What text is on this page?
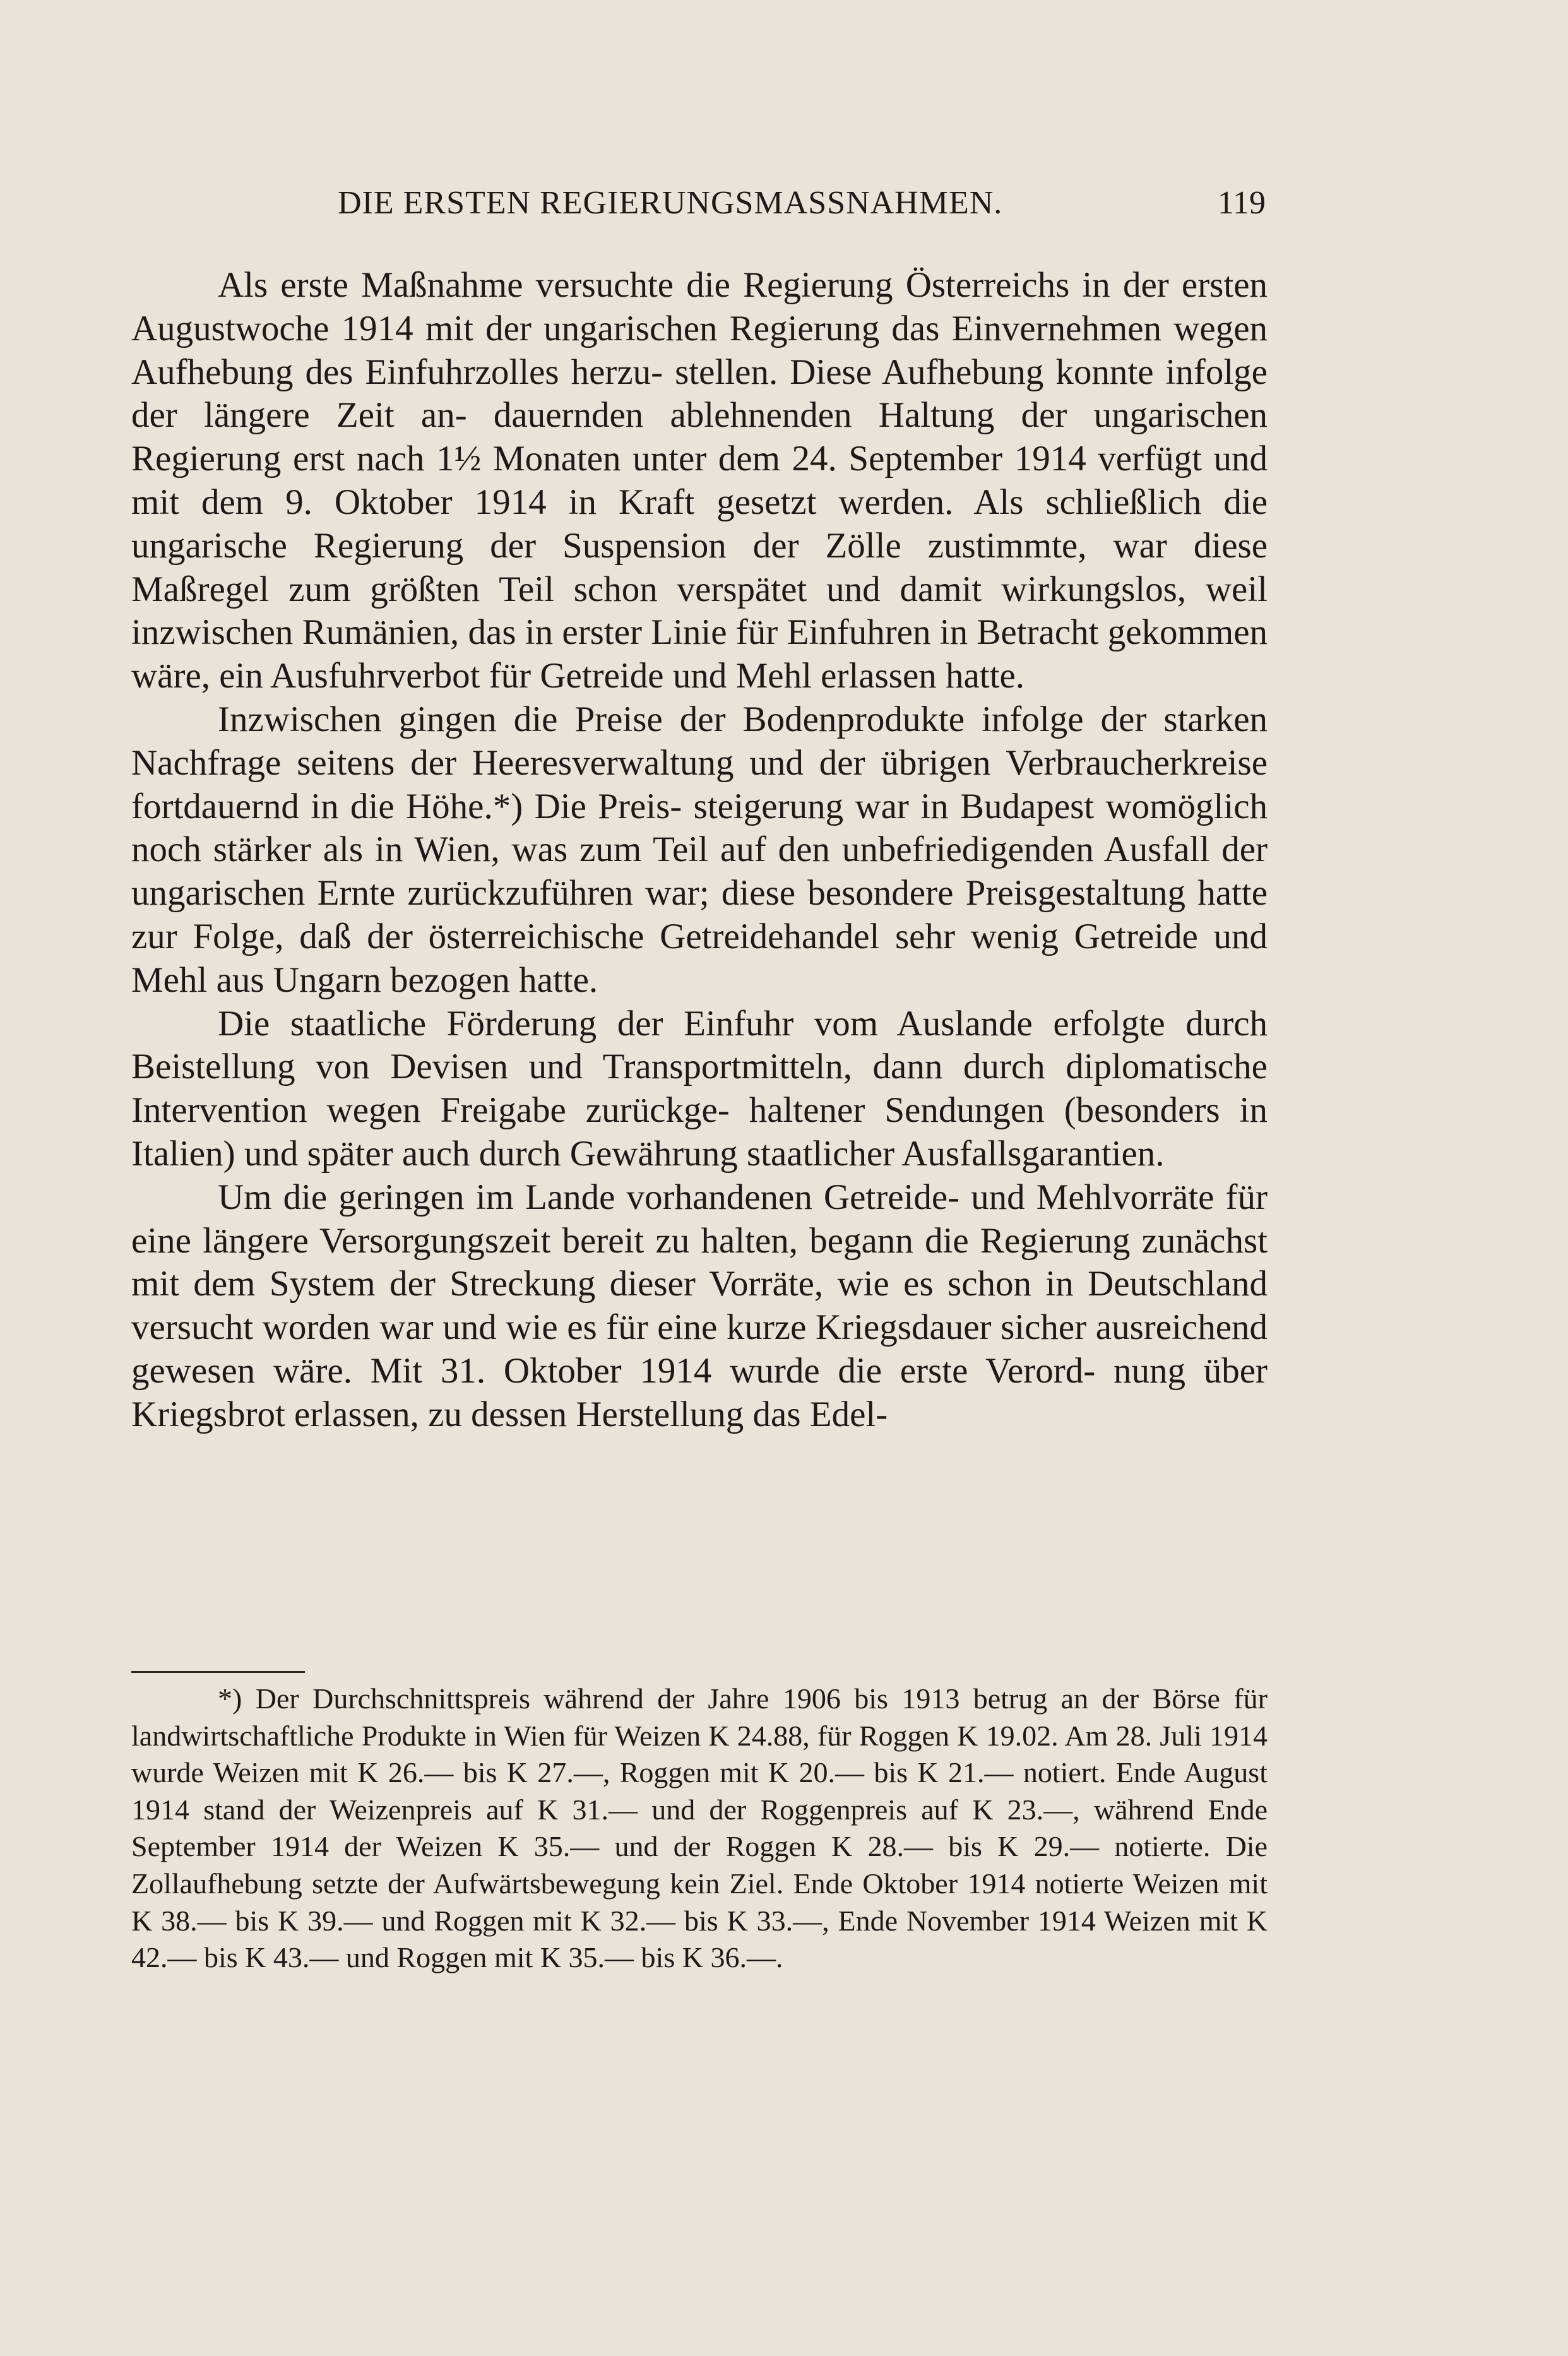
DIE ERSTEN REGIERUNGSMASSNAHMEN.	119

Als erste Maßnahme versuchte die Regierung Österreichs in der ersten Augustwoche 1914 mit der ungarischen Regierung das Einvernehmen wegen Aufhebung des Einfuhrzolles herzu- stellen. Diese Aufhebung konnte infolge der längere Zeit an- dauernden ablehnenden Haltung der ungarischen Regierung erst nach 1½ Monaten unter dem 24. September 1914 verfügt und mit dem 9. Oktober 1914 in Kraft gesetzt werden. Als schließlich die ungarische Regierung der Suspension der Zölle zustimmte, war diese Maßregel zum größten Teil schon verspätet und damit wirkungslos, weil inzwischen Rumänien, das in erster Linie für Einfuhren in Betracht gekommen wäre, ein Ausfuhrverbot für Getreide und Mehl erlassen hatte.

Inzwischen gingen die Preise der Bodenprodukte infolge der starken Nachfrage seitens der Heeresverwaltung und der übrigen Verbraucherkreise fortdauernd in die Höhe.*) Die Preis- steigerung war in Budapest womöglich noch stärker als in Wien, was zum Teil auf den unbefriedigenden Ausfall der ungarischen Ernte zurückzuführen war; diese besondere Preisgestaltung hatte zur Folge, daß der österreichische Getreidehandel sehr wenig Getreide und Mehl aus Ungarn bezogen hatte.

Die staatliche Förderung der Einfuhr vom Auslande erfolgte durch Beistellung von Devisen und Transportmitteln, dann durch diplomatische Intervention wegen Freigabe zurückge- haltener Sendungen (besonders in Italien) und später auch durch Gewährung staatlicher Ausfallsgarantien.

Um die geringen im Lande vorhandenen Getreide- und Mehlvorräte für eine längere Versorgungszeit bereit zu halten, begann die Regierung zunächst mit dem System der Streckung dieser Vorräte, wie es schon in Deutschland versucht worden war und wie es für eine kurze Kriegsdauer sicher ausreichend gewesen wäre. Mit 31. Oktober 1914 wurde die erste Verord- nung über Kriegsbrot erlassen, zu dessen Herstellung das Edel-

*) Der Durchschnittspreis während der Jahre 1906 bis 1913 betrug an der Börse für landwirtschaftliche Produkte in Wien für Weizen K 24.88, für Roggen K 19.02. Am 28. Juli 1914 wurde Weizen mit K 26.— bis K 27.—, Roggen mit K 20.— bis K 21.— notiert. Ende August 1914 stand der Weizenpreis auf K 31.— und der Roggenpreis auf K 23.—, während Ende September 1914 der Weizen K 35.— und der Roggen K 28.— bis K 29.— notierte. Die Zollaufhebung setzte der Aufwärtsbewegung kein Ziel. Ende Oktober 1914 notierte Weizen mit K 38.— bis K 39.— und Roggen mit K 32.— bis K 33.—, Ende November 1914 Weizen mit K 42.— bis K 43.— und Roggen mit K 35.— bis K 36.—.
